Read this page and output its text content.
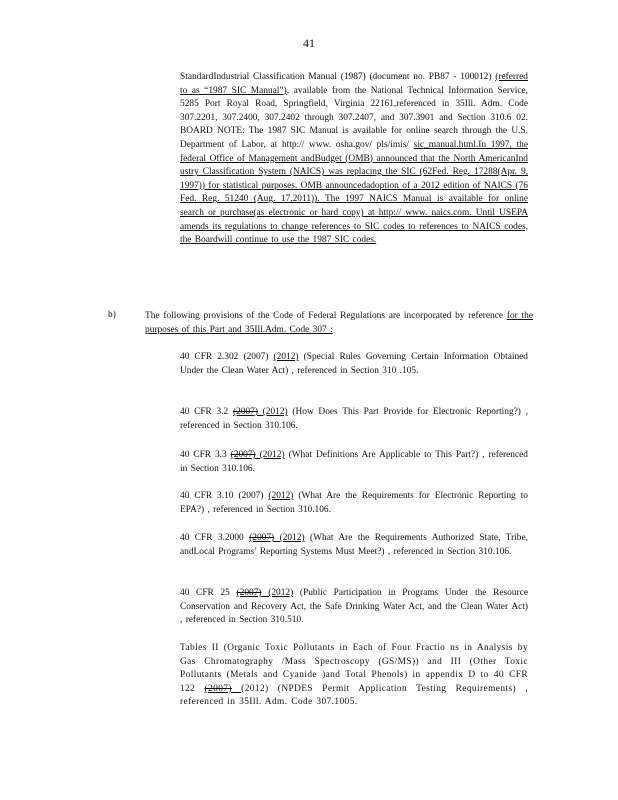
41
StandardIndustrial Classification Manual (1987) (document no. PB87 - 100012) (referred to as “1987 SIC Manual”), available from the National Technical Information Service, 5285 Port Royal Road, Springfield, Virginia 22161,referenced in 35Ill. Adm. Code 307.2201, 307.2400, 307.2402 through 307.2407, and 307.3901 and Section 310.6 02. BOARD NOTE: The 1987 SIC Manual is available for online search through the U.S. Department of Labor, at http:// www. osha.gov/ pls/imis/ sic_manual.html.In 1997, the federal Office of Management andBudget (OMB) announced that the North AmericanInd ustry Classification System (NAICS) was replacing the SIC (62Fed. Reg. 17288(Apr. 9, 1997)) for statistical purposes. OMB announcedadoption of a 2012 edition of NAICS (76 Fed. Reg. 51240 (Aug. 17,2011)). The 1997 NAICS Manual is available for online search or purchase(as electronic or hard copy) at http:// www. naics.com. Until USEPA amends its regulations to change references to SIC codes to references to NAICS codes, the Boardwill continue to use the 1987 SIC codes.
b)	The following provisions of the Code of Federal Regulations are incorporated by reference for the purposes of this Part and 35Ill.Adm. Code 307 :
40 CFR 2.302 (2007) (2012) (Special Rules Governing Certain Information Obtained Under the Clean Water Act) , referenced in Section 310 .105.
40 CFR 3.2 (2007) (2012) (How Does This Part Provide for Electronic Reporting?) , referenced in Section 310.106.
40 CFR 3.3 (2007) (2012) (What Definitions Are Applicable to This Part?) , referenced in Section 310.106.
40 CFR 3.10 (2007) (2012) (What Are the Requirements for Electronic Reporting to EPA?) , referenced in Section 310.106.
40 CFR 3.2000 (2007) (2012) (What Are the Requirements Authorized State, Tribe, andLocal Programs’ Reporting Systems Must Meet?) , referenced in Section 310.106.
40 CFR 25 (2007) (2012) (Public Participation in Programs Under the Resource Conservation and Recovery Act, the Safe Drinking Water Act, and the Clean Water Act) , referenced in Section 310.510.
Tables II (Organic Toxic Pollutants in Each of Four Fractio ns in Analysis by Gas Chromatography /Mass Spectroscopy (GS/MS)) and III (Other Toxic Pollutants (Metals and Cyanide )and Total Phenols) in appendix D to 40 CFR 122 (2007) (2012) (NPDES Permit Application Testing Requirements) , referenced in 35Ill. Adm. Code 307.1005.
